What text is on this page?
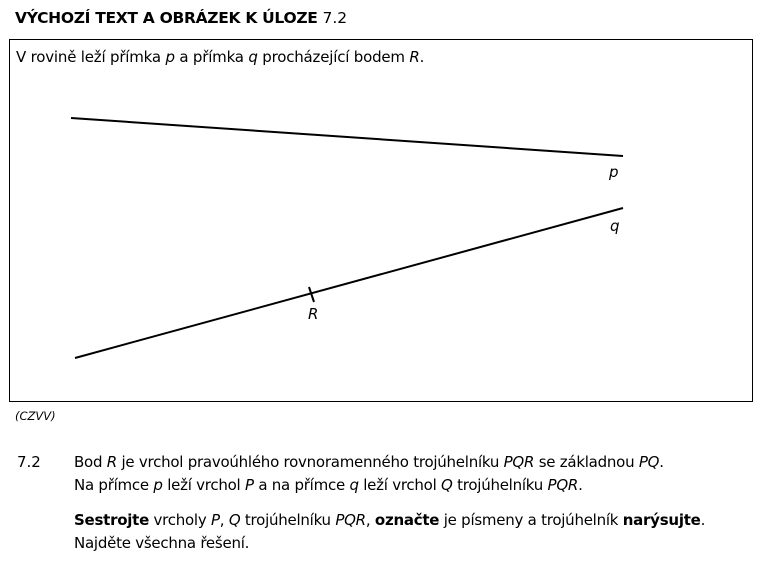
VÝCHOZÍ TEXT A OBRÁZEK K ÚLOZE 7.2
V rovině leží přímka p a přímka q procházející bodem R.
p
q
R
(CZVV)
7.2 Bod R je vrchol pravoúhlého rovnoramenného trojúhelníku PQR se základnou PQ.

Na přímce p leží vrchol P a na přímce q leží vrchol Q trojúhelníku PQR.

Sestrojte vrcholy P, Q trojúhelníku PQR, označte je písmeny a trojúhelník narýsujte.

Najděte všechna řešení.
